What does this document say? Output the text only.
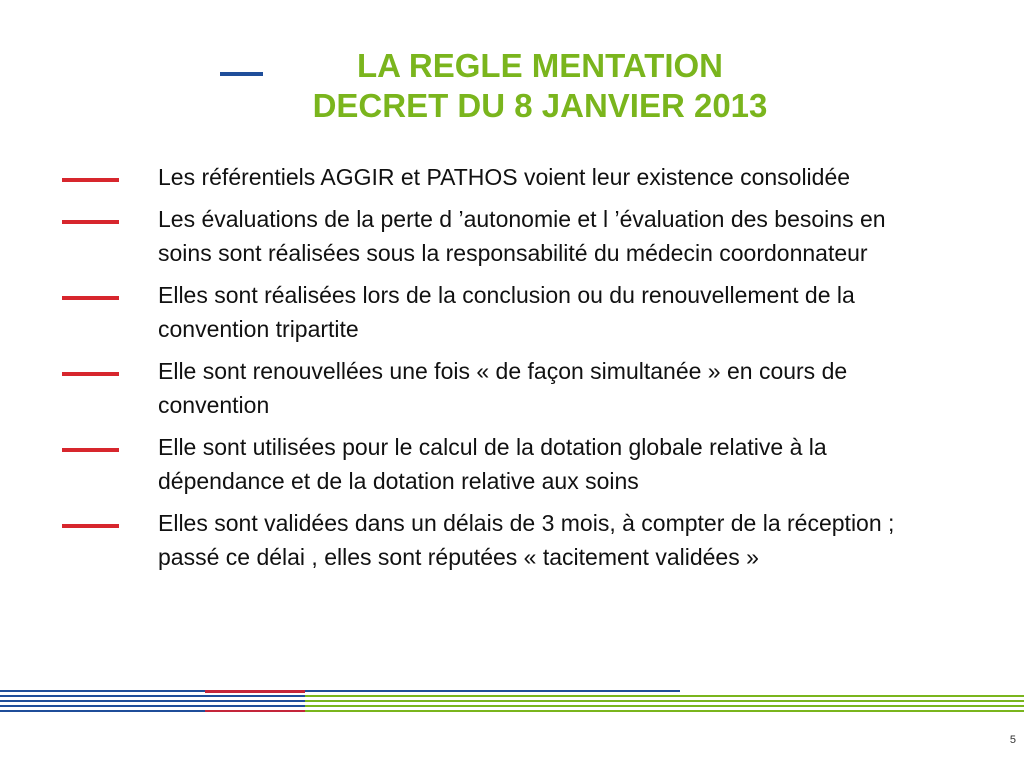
LA REGLE MENTATION
DECRET DU 8 JANVIER 2013
Les référentiels AGGIR et PATHOS voient leur existence consolidée
Les évaluations de la perte d ’autonomie et l ’évaluation des besoins en soins sont réalisées sous la responsabilité du médecin coordonnateur
Elles sont réalisées lors de la conclusion ou du renouvellement de la convention tripartite
Elle sont renouvellées une fois « de façon simultanée » en cours de convention
Elle sont utilisées pour le calcul de la dotation globale relative à la dépendance et de la dotation relative aux soins
Elles sont validées dans un délais de 3 mois, à compter de la réception ; passé ce délai , elles sont réputées « tacitement validées »
5
